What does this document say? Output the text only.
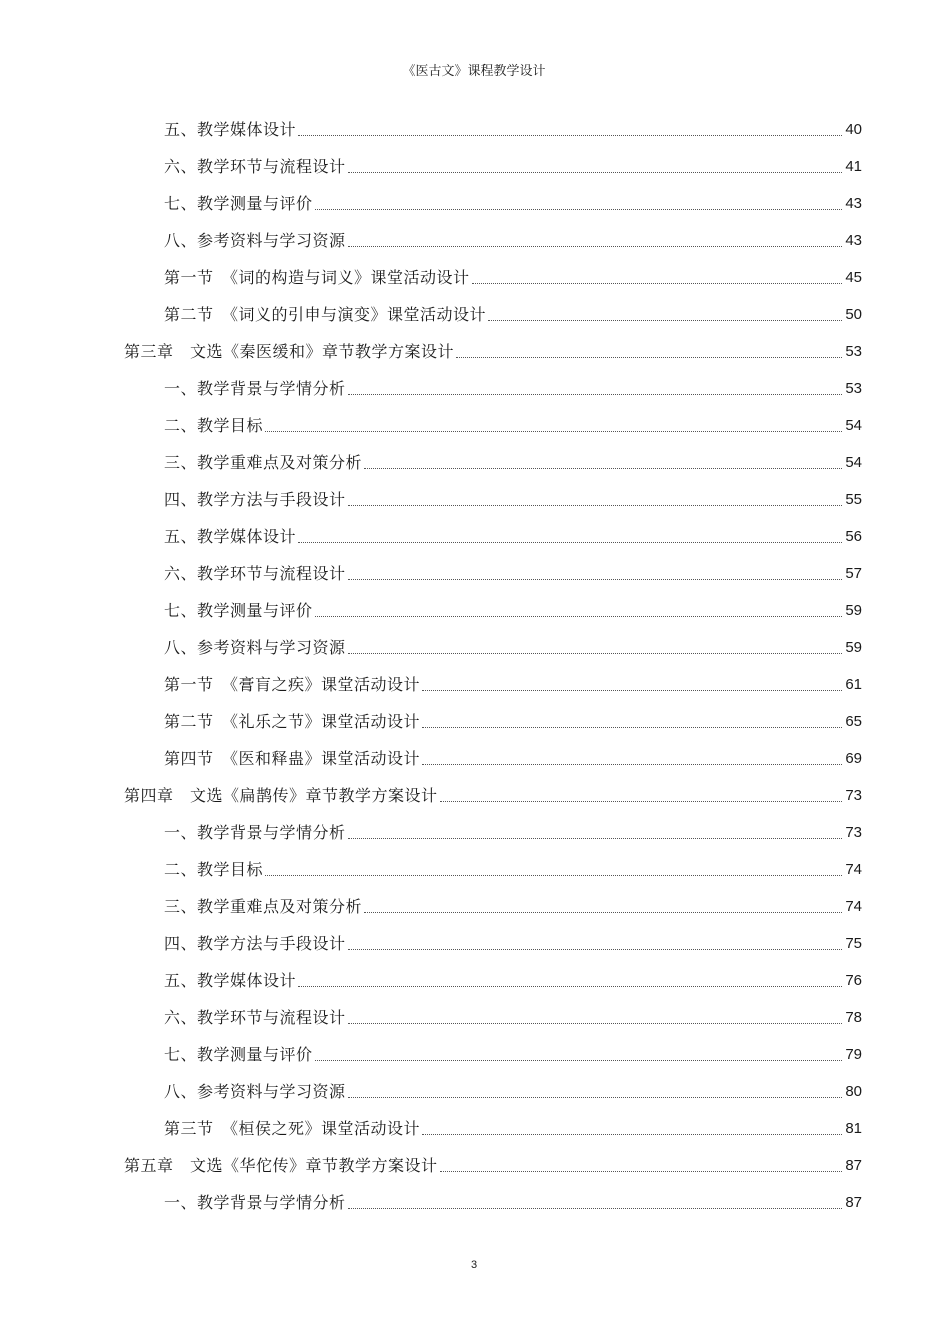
《医古文》课程教学设计
五、教学媒体设计	40
六、教学环节与流程设计	41
七、教学测量与评价	43
八、参考资料与学习资源	43
第一节　《词的构造与词义》课堂活动设计	45
第二节　《词义的引申与演变》课堂活动设计	50
第三章　文选《秦医缓和》章节教学方案设计	53
一、教学背景与学情分析	53
二、教学目标	54
三、教学重难点及对策分析	54
四、教学方法与手段设计	55
五、教学媒体设计	56
六、教学环节与流程设计	57
七、教学测量与评价	59
八、参考资料与学习资源	59
第一节　《膏肓之疾》课堂活动设计	61
第二节　《礼乐之节》课堂活动设计	65
第四节　《医和释蛊》课堂活动设计	69
第四章　文选《扁鹊传》章节教学方案设计	73
一、教学背景与学情分析	73
二、教学目标	74
三、教学重难点及对策分析	74
四、教学方法与手段设计	75
五、教学媒体设计	76
六、教学环节与流程设计	78
七、教学测量与评价	79
八、参考资料与学习资源	80
第三节　《桓侯之死》课堂活动设计	81
第五章　文选《华佗传》章节教学方案设计	87
一、教学背景与学情分析	87
3
